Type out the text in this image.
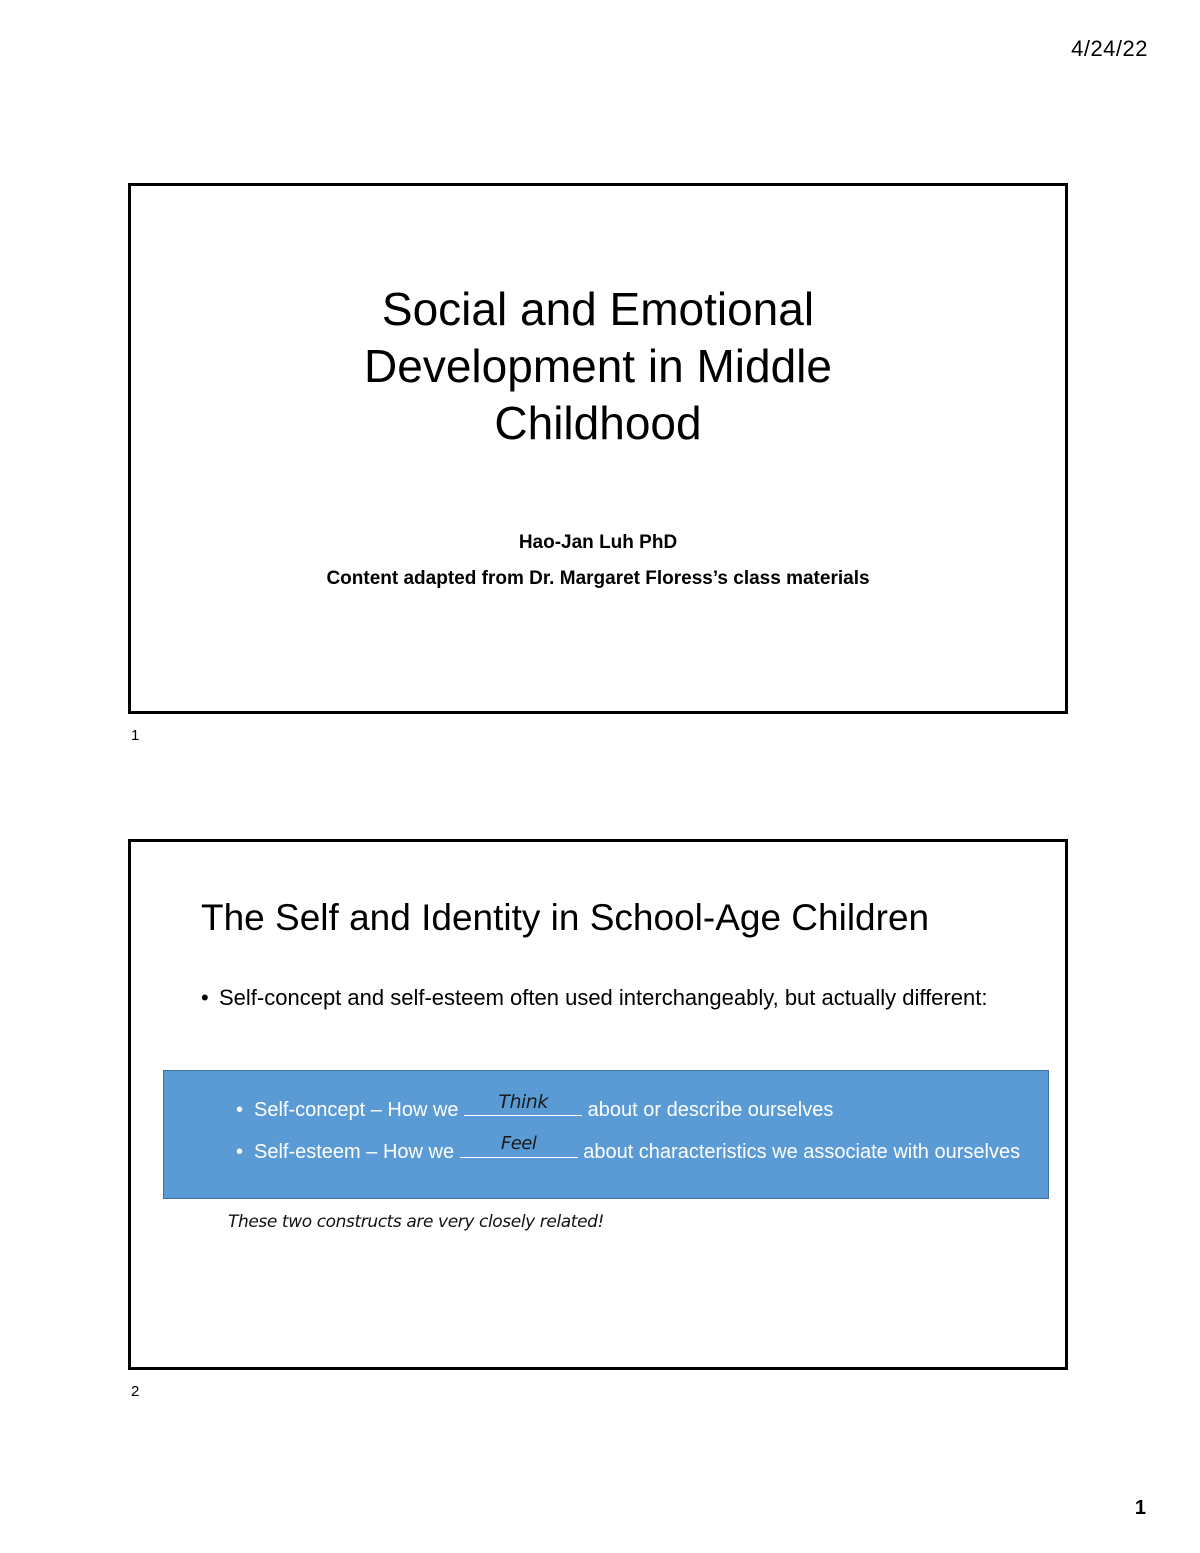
4/24/22
Social and Emotional
Development in Middle
Childhood
Hao-Jan Luh PhD
Content adapted from Dr. Margaret Floress’s class materials
1
The Self and Identity in School-Age Children
• Self-concept and self-esteem often used interchangeably, but actually different:
• Self-concept – How we	Think	about or describe ourselves
• Self-esteem – How we	Feel	about characteristics we associate with ourselves
These two constructs are very closely related!
2
1
